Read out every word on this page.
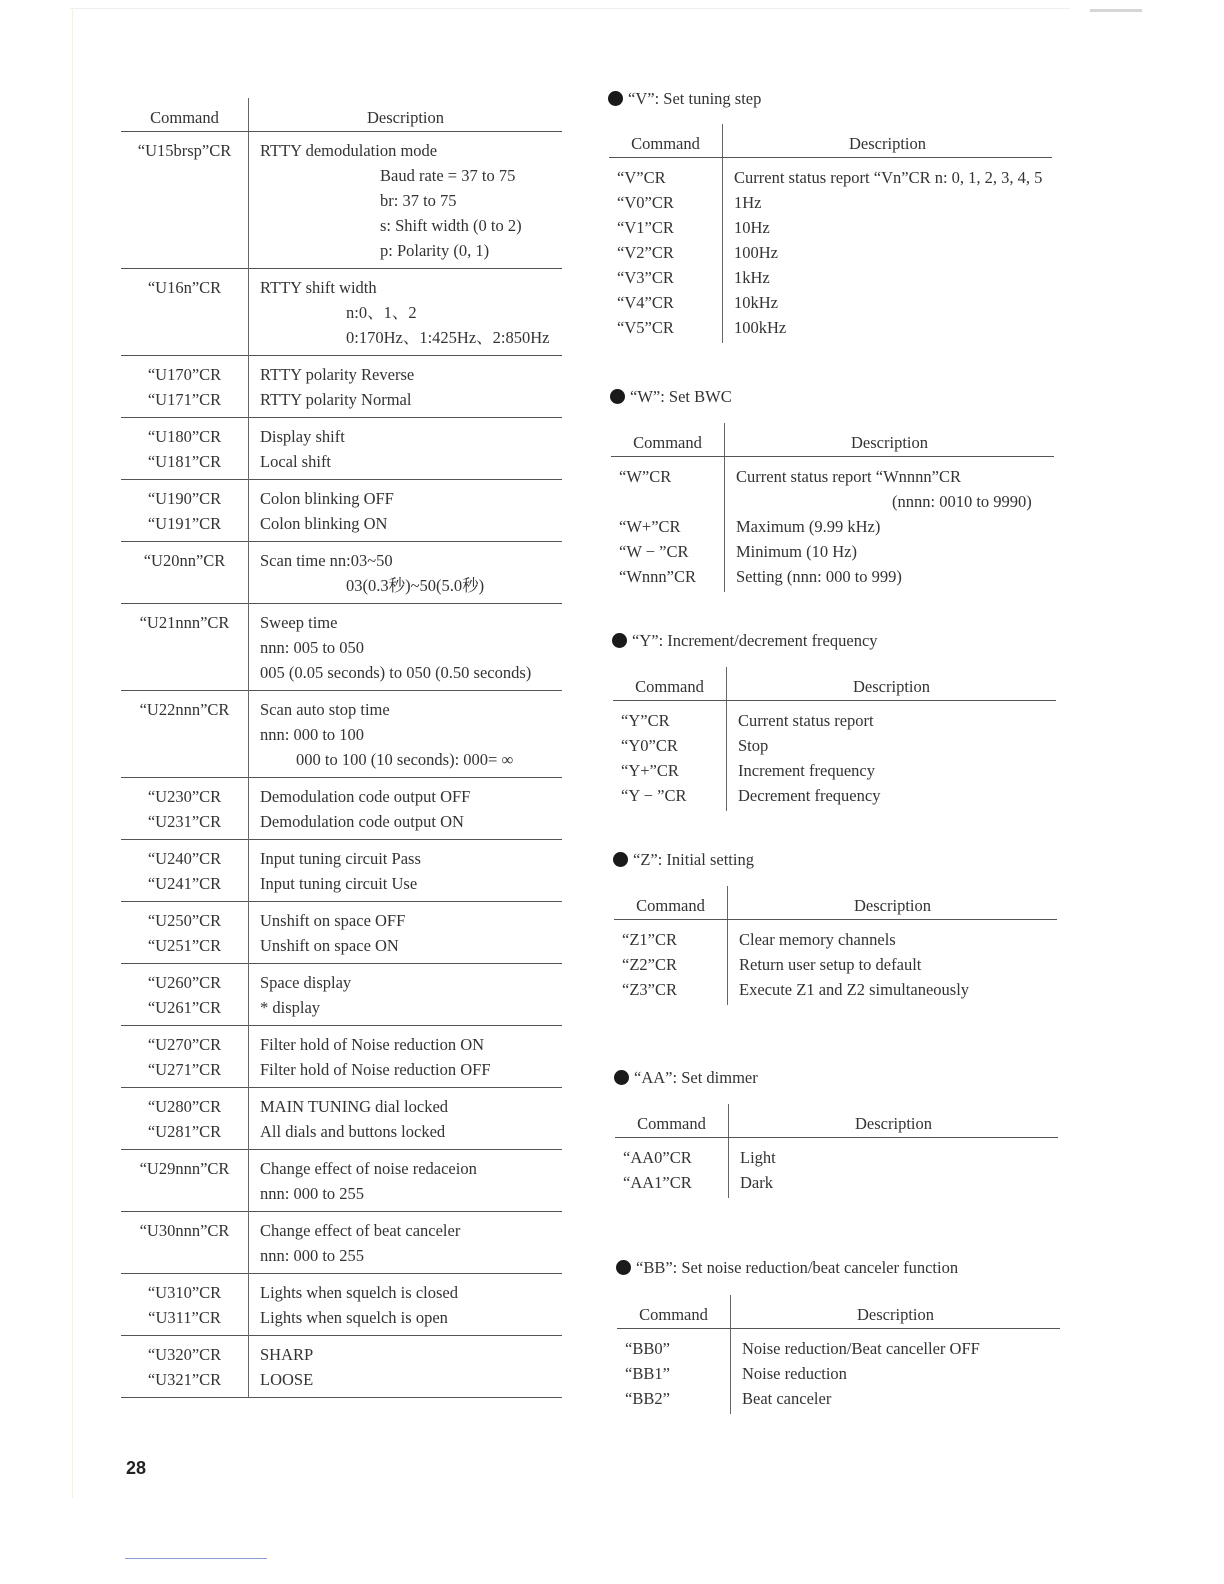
Command	Description

“U15brsp”CR	RTTY demodulation mode

	Baud rate = 37 to 75

	br: 37 to 75

	s: Shift width (0 to 2)

	p: Polarity (0, 1)

“U16n”CR	RTTY shift width

	n:0、1、2

	0:170Hz、1:425Hz、2:850Hz

“U170”CR	RTTY polarity Reverse

“U171”CR	RTTY polarity Normal

“U180”CR	Display shift

“U181”CR	Local shift

“U190”CR	Colon blinking OFF

“U191”CR	Colon blinking ON

“U20nn”CR	Scan time nn:03~50

	03(0.3秒)~50(5.0秒)

“U21nnn”CR	Sweep time

	nnn: 005 to 050

	005 (0.05 seconds) to 050 (0.50 seconds)

“U22nnn”CR	Scan auto stop time

	nnn: 000 to 100

	000 to 100 (10 seconds): 000= ∞

“U230”CR	Demodulation code output OFF

“U231”CR	Demodulation code output ON

“U240”CR	Input tuning circuit Pass

“U241”CR	Input tuning circuit Use

“U250”CR	Unshift on space OFF

“U251”CR	Unshift on space ON

“U260”CR	Space display

“U261”CR	* display

“U270”CR	Filter hold of Noise reduction ON

“U271”CR	Filter hold of Noise reduction OFF

“U280”CR	MAIN TUNING dial locked

“U281”CR	All dials and buttons locked

“U29nnn”CR	Change effect of noise redaceion

	nnn: 000 to 255

“U30nnn”CR	Change effect of beat canceler

	nnn: 000 to 255

“U310”CR	Lights when squelch is closed

“U311”CR	Lights when squelch is open

“U320”CR	SHARP

“U321”CR	LOOSE
“V”: Set tuning step
Command	Description

“V”CR	Current status report “Vn”CR n: 0, 1, 2, 3, 4, 5

“V0”CR	1Hz

“V1”CR	10Hz

“V2”CR	100Hz

“V3”CR	1kHz

“V4”CR	10kHz

“V5”CR	100kHz
“W”: Set BWC
Command	Description

“W”CR	Current status report “Wnnnn”CR
(nnnn: 0010 to 9990)

“W+”CR	Maximum (9.99 kHz)

“W − ”CR	Minimum (10 Hz)

“Wnnn”CR	Setting (nnn: 000 to 999)
“Y”: Increment/decrement frequency
Command	Description

“Y”CR	Current status report

“Y0”CR	Stop

“Y+”CR	Increment frequency

“Y − ”CR	Decrement frequency
“Z”: Initial setting
Command	Description

“Z1”CR	Clear memory channels

“Z2”CR	Return user setup to default

“Z3”CR	Execute Z1 and Z2 simultaneously
“AA”: Set dimmer
Command	Description

“AA0”CR	Light

“AA1”CR	Dark
“BB”: Set noise reduction/beat canceler function
Command	Description

“BB0”	Noise reduction/Beat canceller OFF

“BB1”	Noise reduction

“BB2”	Beat canceler
28
